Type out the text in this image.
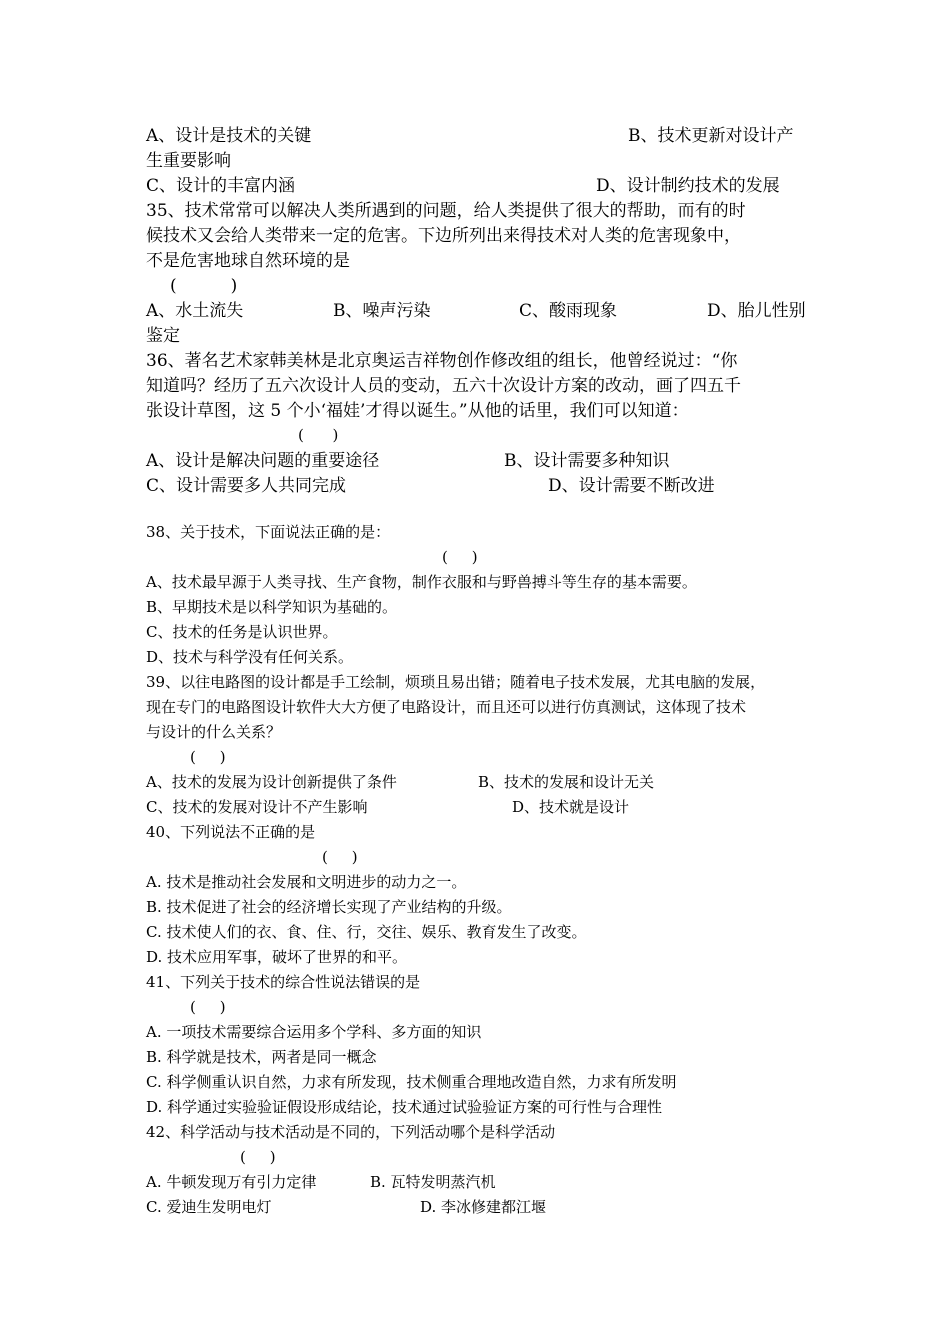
A、设计是技术的关键	B、技术更新对设计产
生重要影响
C、设计的丰富内涵	D、设计制约技术的发展
35、技术常常可以解决人类所遇到的问题，给人类提供了很大的帮助，而有的时
候技术又会给人类带来一定的危害。下边所列出来得技术对人类的危害现象中，
不是危害地球自然环境的是
(          )
A、水土流失	B、噪声污染	C、酸雨现象	D、胎儿性别
鉴定
36、著名艺术家韩美林是北京奥运吉祥物创作修改组的组长，他曾经说过：“你
知道吗？经历了五六次设计人员的变动，五六十次设计方案的改动，画了四五千
张设计草图，这 5 个小‘福娃’才得以诞生。”从他的话里，我们可以知道：
(      )
A、设计是解决问题的重要途径	B、设计需要多种知识
C、设计需要多人共同完成	D、设计需要不断改进
38、关于技术，下面说法正确的是：
(     )
A、技术最早源于人类寻找、生产食物，制作衣服和与野兽搏斗等生存的基本需要。
B、早期技术是以科学知识为基础的。
C、技术的任务是认识世界。
D、技术与科学没有任何关系。
39、以往电路图的设计都是手工绘制，烦琐且易出错；随着电子技术发展，尤其电脑的发展，
现在专门的电路图设计软件大大方便了电路设计，而且还可以进行仿真测试，这体现了技术
与设计的什么关系？
(     )
A、技术的发展为设计创新提供了条件	B、技术的发展和设计无关
C、技术的发展对设计不产生影响	D、技术就是设计
40、下列说法不正确的是
(     )
A. 技术是推动社会发展和文明进步的动力之一。
B. 技术促进了社会的经济增长实现了产业结构的升级。
C. 技术使人们的衣、食、住、行，交往、娱乐、教育发生了改变。
D. 技术应用军事，破坏了世界的和平。
41、下列关于技术的综合性说法错误的是
(     )
A. 一项技术需要综合运用多个学科、多方面的知识
B. 科学就是技术，两者是同一概念
C. 科学侧重认识自然，力求有所发现，技术侧重合理地改造自然，力求有所发明
D. 科学通过实验验证假设形成结论，技术通过试验验证方案的可行性与合理性
42、科学活动与技术活动是不同的，下列活动哪个是科学活动
(     )
A. 牛顿发现万有引力定律	B. 瓦特发明蒸汽机
C. 爱迪生发明电灯	D. 李冰修建都江堰
